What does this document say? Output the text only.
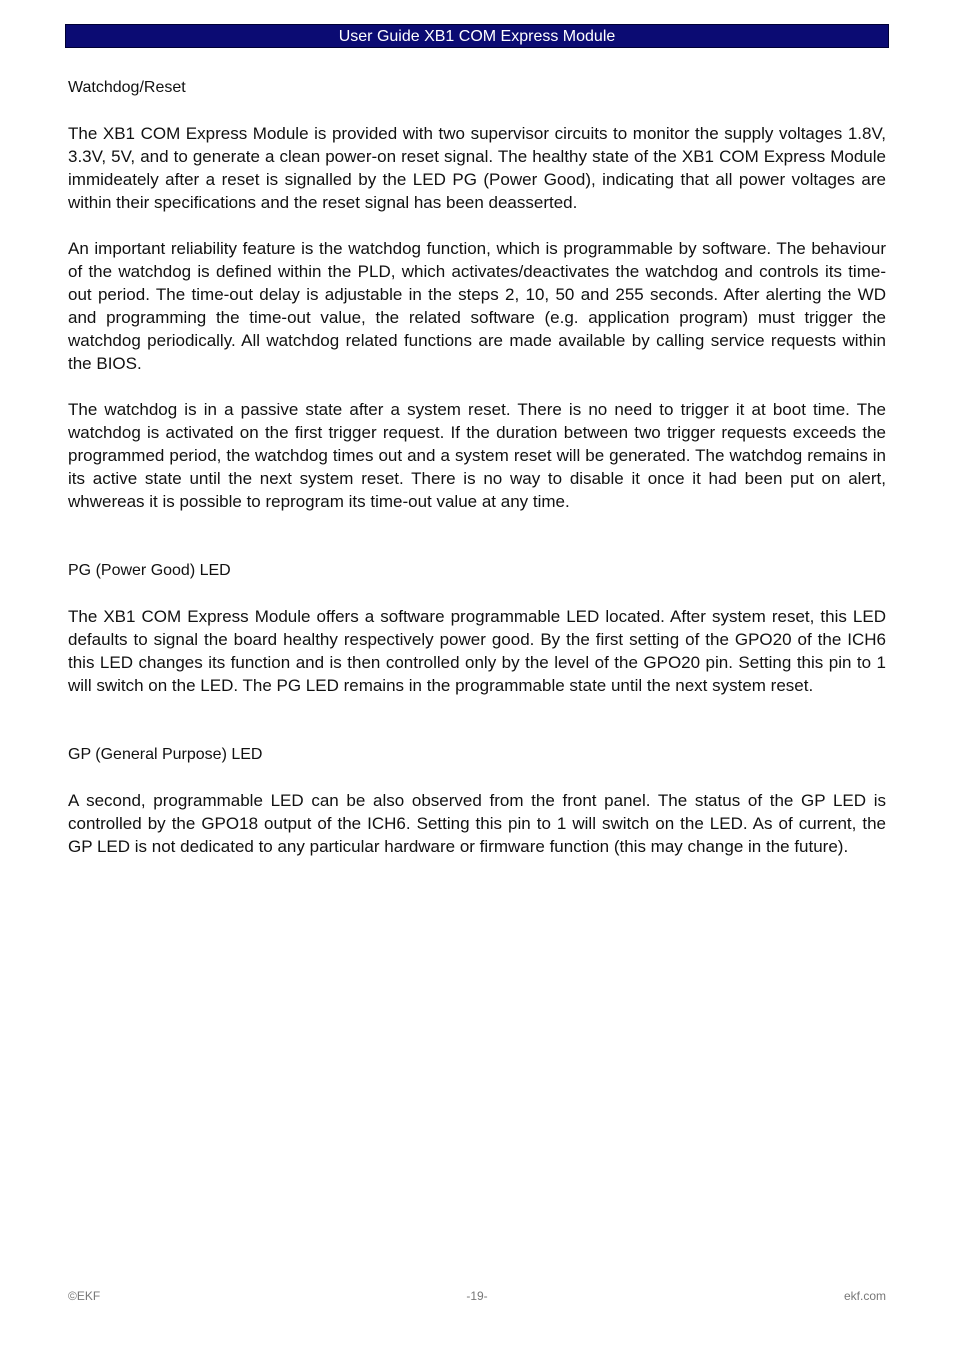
User Guide XB1 COM Express Module
Watchdog/Reset

The XB1 COM Express Module is provided with two supervisor circuits to monitor the supply voltages 1.8V, 3.3V, 5V, and to generate a clean power-on reset signal. The healthy state of the XB1 COM Express Module immideately after a reset is signalled by the LED PG (Power Good), indicating that all power voltages are within their specifications and the reset signal has been deasserted.

An important reliability feature is the watchdog function, which is programmable by software. The behaviour of the watchdog is defined within the PLD, which activates/deactivates the watchdog and controls its time-out period. The time-out delay is adjustable in the steps 2, 10, 50 and 255 seconds. After alerting the WD and programming the time-out value, the related software (e.g. application program) must trigger the watchdog periodically. All watchdog related functions are made available by calling service requests within the BIOS.

The watchdog is in a passive state after a system reset. There is no need to trigger it at boot time. The watchdog is activated on the first trigger request. If the duration between two trigger requests exceeds the programmed period, the watchdog times out and a system reset will be generated. The watchdog remains in its active state until the next system reset. There is no way to disable it once it had been put on alert, whwereas it is possible to reprogram its time-out value at any time.

PG (Power Good) LED

The XB1 COM Express Module offers a software programmable LED located. After system reset, this LED defaults to signal the board healthy respectively power good. By the first setting of the GPO20 of the ICH6 this LED changes its function and is then controlled only by the level of the GPO20 pin. Setting this pin to 1 will switch on the LED. The PG LED remains in the programmable state until the next system reset.

GP (General Purpose) LED

A second, programmable LED can be also observed from the front panel. The status of the GP LED is controlled by the GPO18 output of the ICH6. Setting this pin to 1 will switch on the LED. As of current, the GP LED is not dedicated to any particular hardware or firmware function (this may change in the future).

©EKF	-19-	ekf.com
